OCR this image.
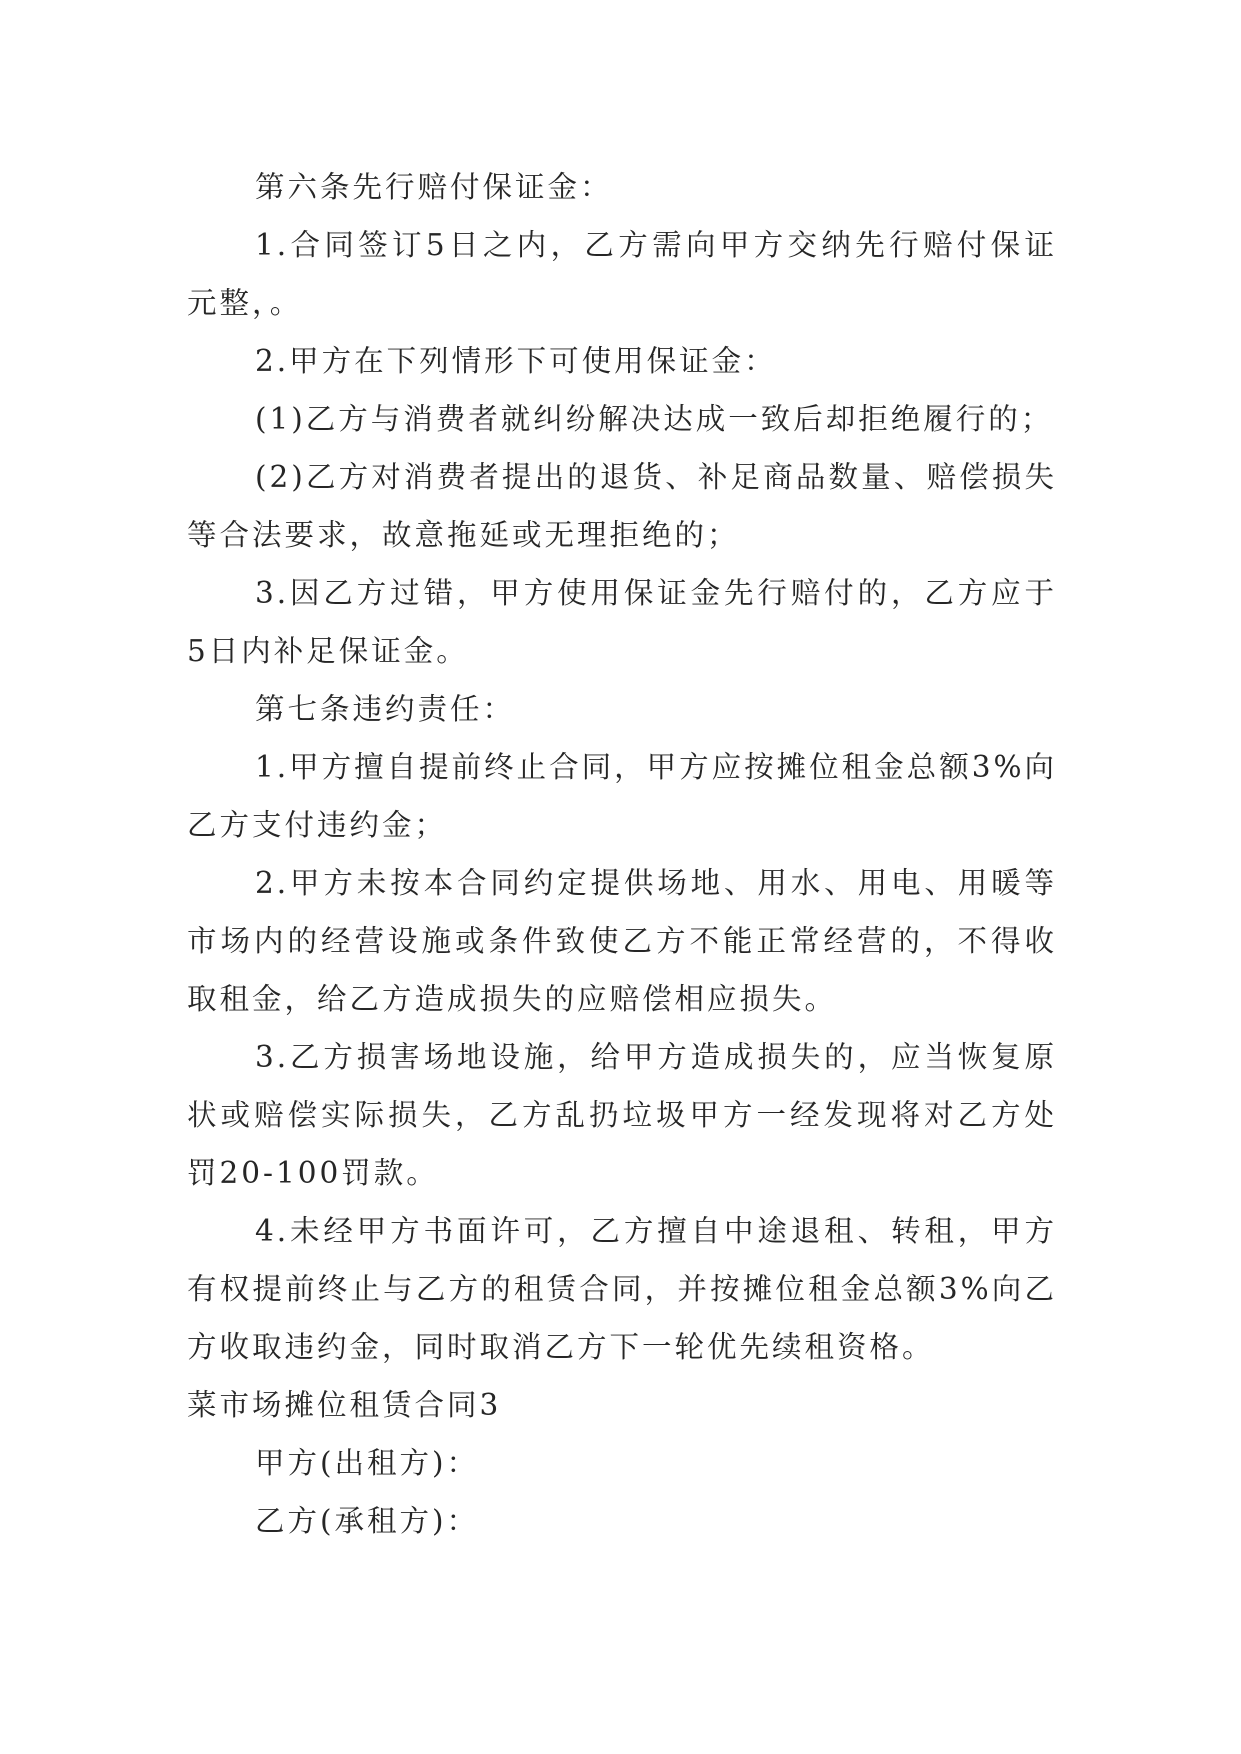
第六条先行赔付保证金：

1.合同签订5日之内，乙方需向甲方交纳先行赔付保证元整，。

2.甲方在下列情形下可使用保证金：

(1)乙方与消费者就纠纷解决达成一致后却拒绝履行的；

(2)乙方对消费者提出的退货、补足商品数量、赔偿损失等合法要求，故意拖延或无理拒绝的；

3.因乙方过错，甲方使用保证金先行赔付的，乙方应于5日内补足保证金。

第七条违约责任：

1.甲方擅自提前终止合同，甲方应按摊位租金总额3%向乙方支付违约金；

2.甲方未按本合同约定提供场地、用水、用电、用暖等市场内的经营设施或条件致使乙方不能正常经营的，不得收取租金，给乙方造成损失的应赔偿相应损失。

3.乙方损害场地设施，给甲方造成损失的，应当恢复原状或赔偿实际损失，乙方乱扔垃圾甲方一经发现将对乙方处罚20-100罚款。

4.未经甲方书面许可，乙方擅自中途退租、转租，甲方有权提前终止与乙方的租赁合同，并按摊位租金总额3%向乙方收取违约金，同时取消乙方下一轮优先续租资格。

菜市场摊位租赁合同3

甲方(出租方)：

乙方(承租方)：
